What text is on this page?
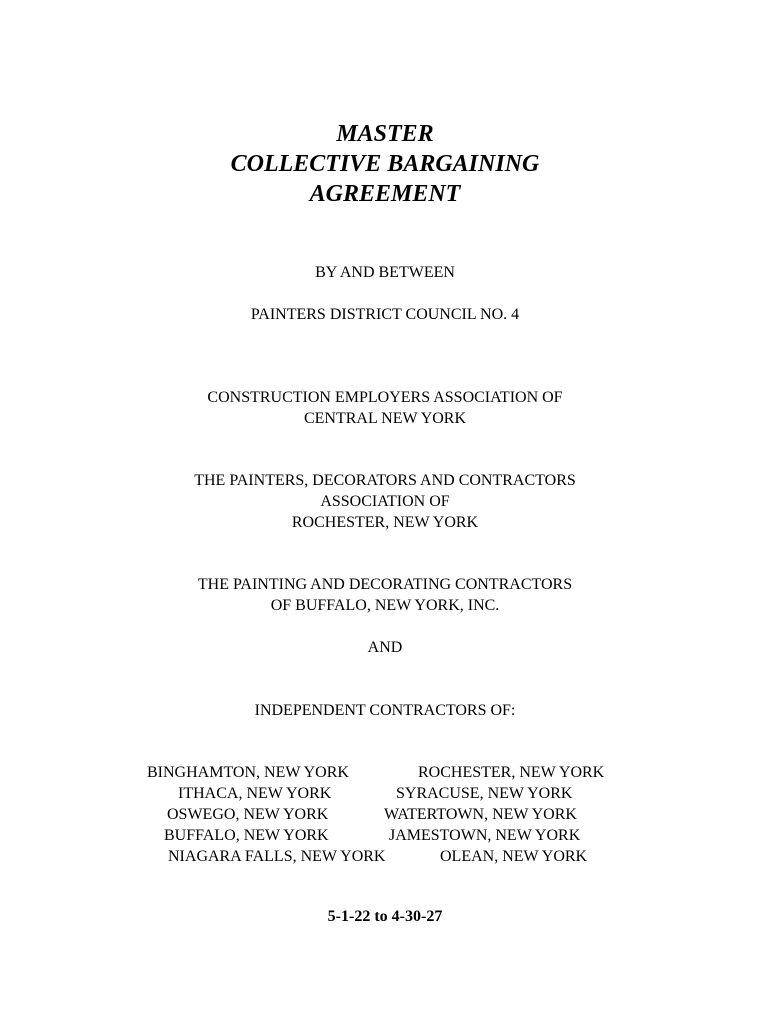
MASTER
COLLECTIVE BARGAINING
AGREEMENT
BY AND BETWEEN
PAINTERS DISTRICT COUNCIL NO. 4
CONSTRUCTION EMPLOYERS ASSOCIATION OF
CENTRAL NEW YORK
THE PAINTERS, DECORATORS AND CONTRACTORS
ASSOCIATION OF
ROCHESTER, NEW YORK
THE PAINTING AND DECORATING CONTRACTORS
OF BUFFALO, NEW YORK, INC.
AND
INDEPENDENT CONTRACTORS OF:
BINGHAMTON, NEW YORK	ROCHESTER, NEW YORK
ITHACA, NEW YORK	SYRACUSE, NEW YORK
OSWEGO, NEW YORK	WATERTOWN, NEW YORK
BUFFALO, NEW YORK	JAMESTOWN, NEW YORK
NIAGARA FALLS, NEW YORK	OLEAN, NEW YORK
5-1-22 to 4-30-27
